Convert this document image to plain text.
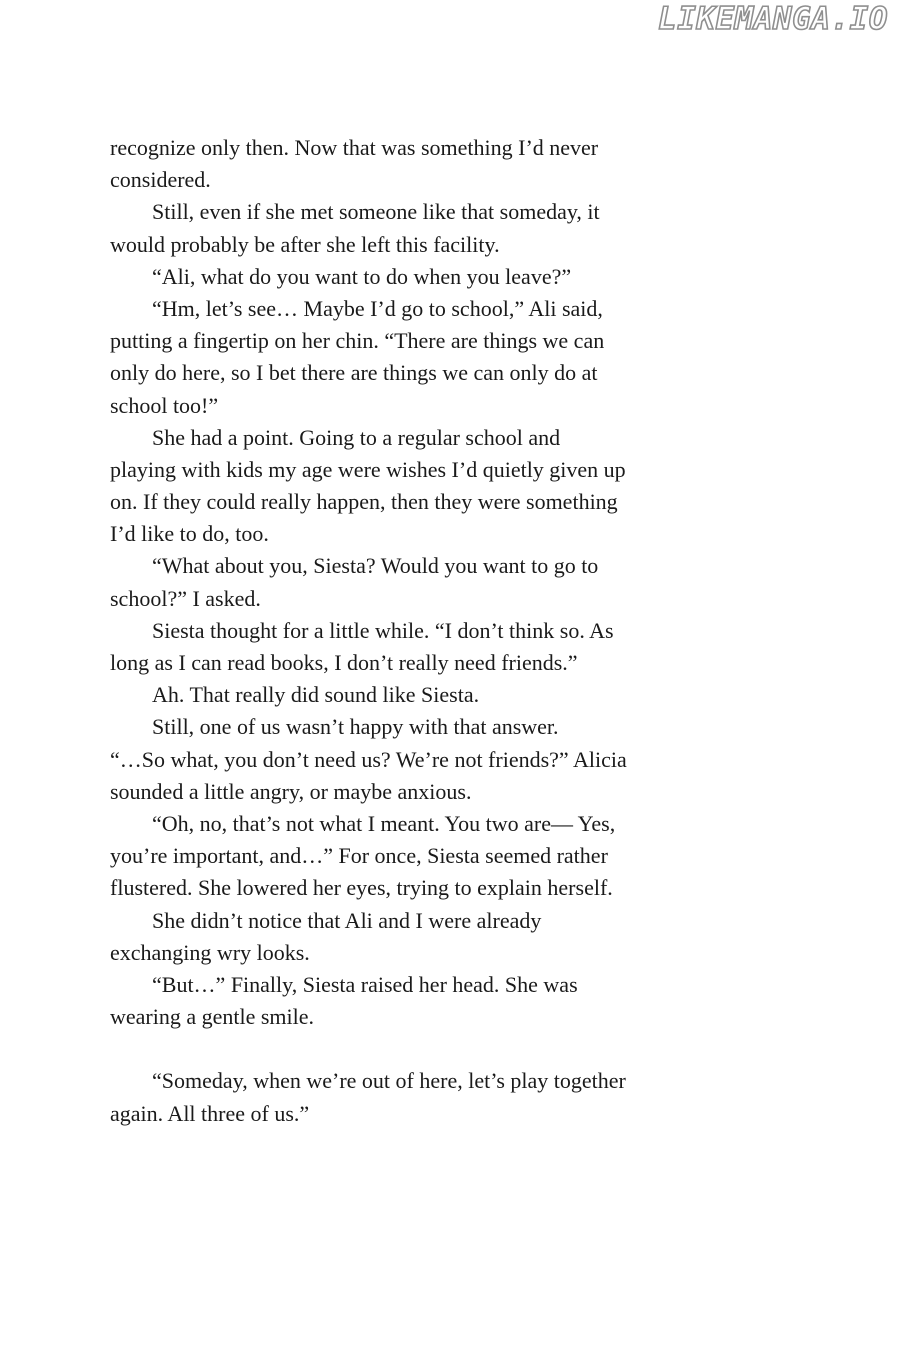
LIKEMANGA.IO
recognize only then. Now that was something I’d never
considered.
Still, even if she met someone like that someday, it
would probably be after she left this facility.
“Ali, what do you want to do when you leave?”
“Hm, let’s see… Maybe I’d go to school,” Ali said,
putting a fingertip on her chin. “There are things we can
only do here, so I bet there are things we can only do at
school too!”
She had a point. Going to a regular school and
playing with kids my age were wishes I’d quietly given up
on. If they could really happen, then they were something
I’d like to do, too.
“What about you, Siesta? Would you want to go to
school?” I asked.
Siesta thought for a little while. “I don’t think so. As
long as I can read books, I don’t really need friends.”
Ah. That really did sound like Siesta.
Still, one of us wasn’t happy with that answer.
“…So what, you don’t need us? We’re not friends?” Alicia
sounded a little angry, or maybe anxious.
“Oh, no, that’s not what I meant. You two are— Yes,
you’re important, and…” For once, Siesta seemed rather
flustered. She lowered her eyes, trying to explain herself.
She didn’t notice that Ali and I were already
exchanging wry looks.
“But…” Finally, Siesta raised her head. She was
wearing a gentle smile.
“Someday, when we’re out of here, let’s play together
again. All three of us.”
